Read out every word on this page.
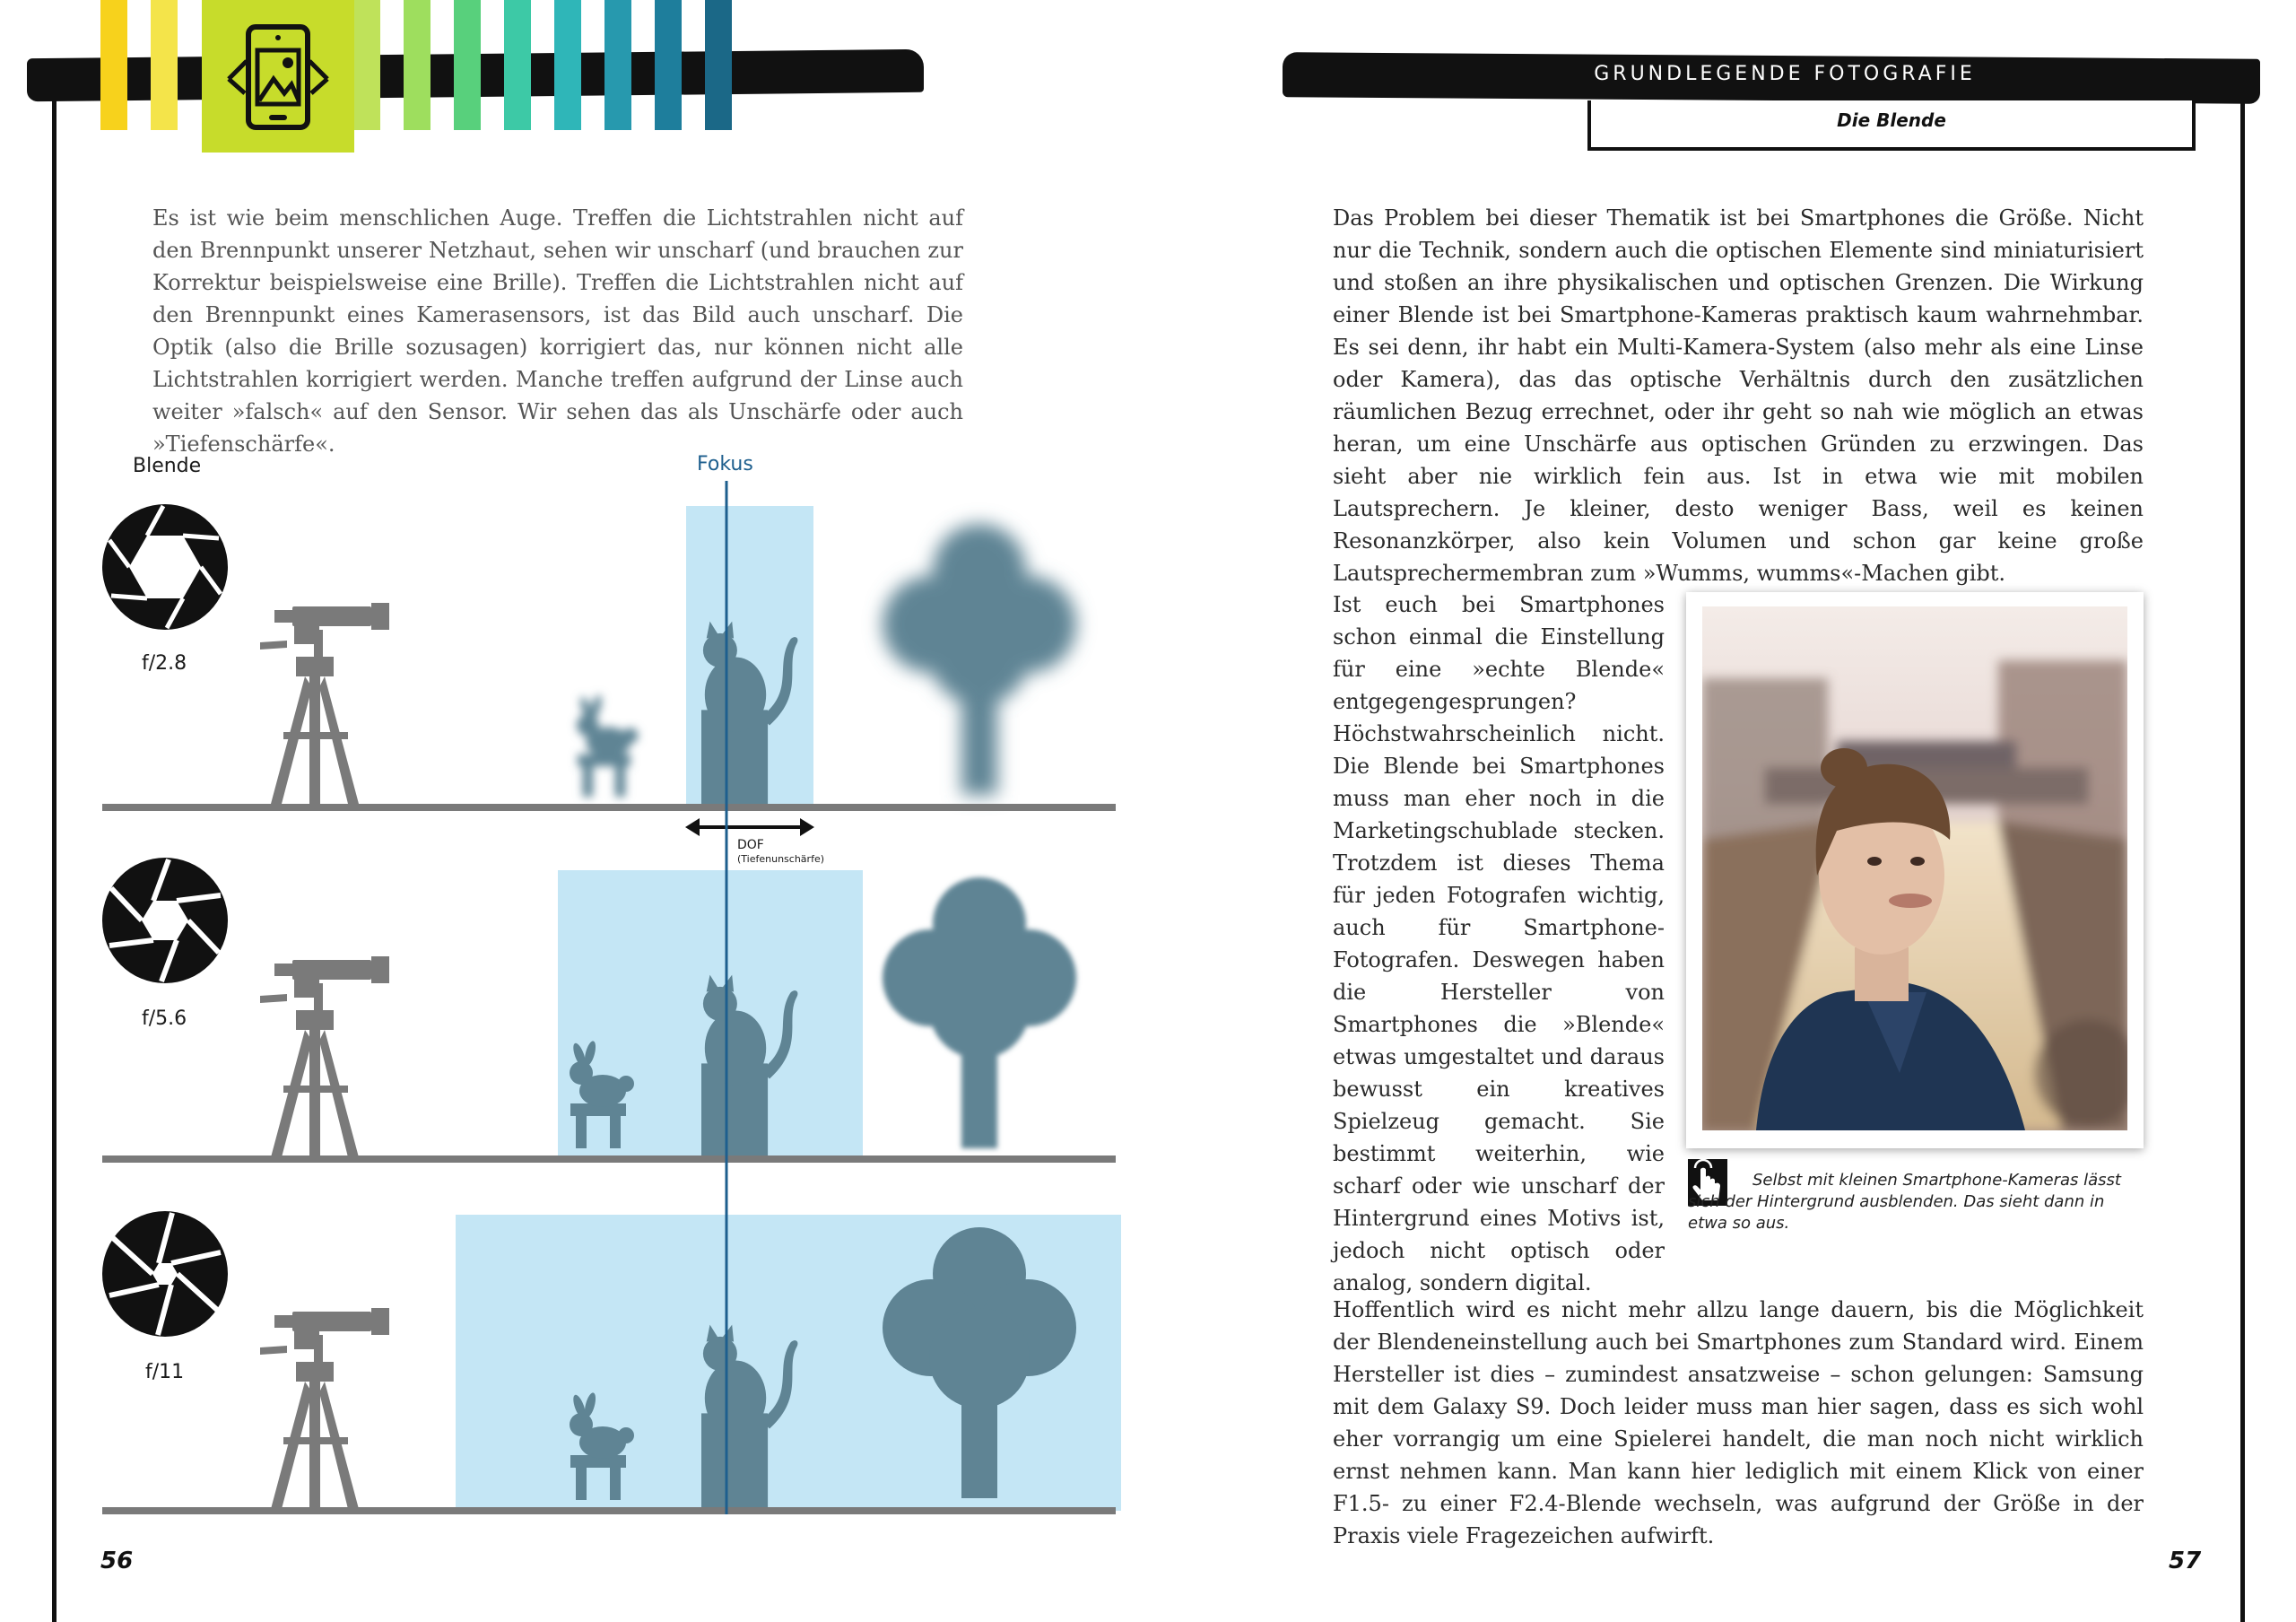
GRUNDLEGENDE FOTOGRAFIE
Die Blende
Es ist wie beim menschlichen Auge. Treffen die Lichtstrahlen nicht auf den Brennpunkt unserer Netzhaut, sehen wir unscharf (und brauchen zur Korrektur beispielsweise eine Brille). Treffen die Lichtstrahlen nicht auf den Brennpunkt eines Kamerasensors, ist das Bild auch unscharf. Die Optik (also die Brille sozusagen) korrigiert das, nur können nicht alle Lichtstrahlen korrigiert werden. Manche treffen aufgrund der Linse auch weiter »falsch« auf den Sensor. Wir sehen das als Unschärfe oder auch »Tiefenschärfe«.
Blende	Fokus
f/2.8
DOF
(Tiefenunschärfe)
f/5.6
f/11
56
Das Problem bei dieser Thematik ist bei Smartphones die Größe. Nicht nur die Technik, sondern auch die optischen Elemente sind miniaturisiert und stoßen an ihre physikalischen und optischen Grenzen. Die Wirkung einer Blende ist bei Smartphone-Kameras praktisch kaum wahrnehmbar. Es sei denn, ihr habt ein Multi-Kamera-System (also mehr als eine Linse oder Kamera), das das optische Verhältnis durch den zusätzlichen räumlichen Bezug errechnet, oder ihr geht so nah wie möglich an etwas heran, um eine Unschärfe aus optischen Gründen zu erzwingen. Das sieht aber nie wirklich fein aus. Ist in etwa wie mit mobilen Lautsprechern. Je kleiner, desto weniger Bass, weil es keinen Resonanzkörper, also kein Volumen und schon gar keine große Lautsprechermembran zum »Wumms, wumms«-Machen gibt.
Ist euch bei Smartphones schon einmal die Einstellung für eine »echte Blende« entgegengesprungen? Höchstwahrscheinlich nicht. Die Blende bei Smartphones muss man eher noch in die Marketingschublade stecken. Trotzdem ist dieses Thema für jeden Fotografen wichtig, auch für Smartphone-Fotografen. Deswegen haben die Hersteller von Smartphones die »Blende« etwas umgestaltet und daraus bewusst ein kreatives Spielzeug gemacht. Sie bestimmt weiterhin, wie scharf oder wie unscharf der Hintergrund eines Motivs ist, jedoch nicht optisch oder analog, sondern digital.
Selbst mit kleinen Smartphone-Kameras lässt sich der Hintergrund ausblenden. Das sieht dann in etwa so aus.
Hoffentlich wird es nicht mehr allzu lange dauern, bis die Möglichkeit der Blendeneinstellung auch bei Smartphones zum Standard wird. Einem Hersteller ist dies – zumindest ansatzweise – schon gelungen: Samsung mit dem Galaxy S9. Doch leider muss man hier sagen, dass es sich wohl eher vorrangig um eine Spielerei handelt, die man noch nicht wirklich ernst nehmen kann. Man kann hier lediglich mit einem Klick von einer F1.5- zu einer F2.4-Blende wechseln, was aufgrund der Größe in der Praxis viele Fragezeichen aufwirft.
57
